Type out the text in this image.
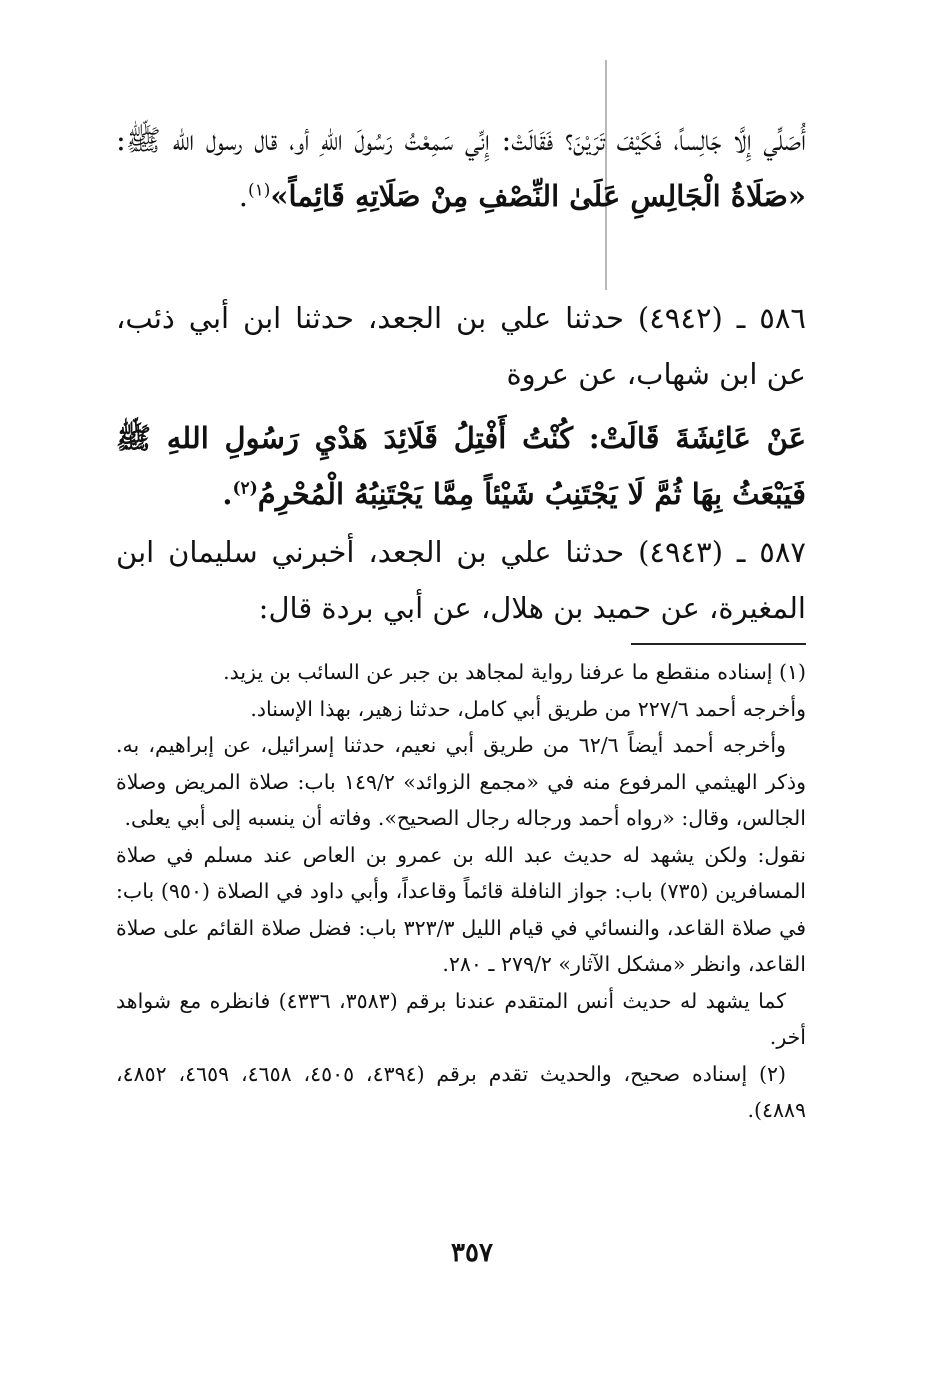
أُصَلِّي إِلَّا جَالِساً، فَكَيْفَ تَرَيْنَ؟ فَقَالَتْ: إِنِّي سَمِعْتُ رَسُولَ اللهِ أو، قال رسول الله ﷺ: «صَلَاةُ الْجَالِسِ عَلَىٰ النِّصْفِ مِنْ صَلَاتِهِ قَائِماً»$^{(١)}$.

٥٨٦ ـ (٤٩٤٢) حدثنا علي بن الجعد، حدثنا ابن أبي ذئب، عن ابن شهاب، عن عروة

عَنْ عَائِشَةَ قَالَتْ: كُنْتُ أَفْتِلُ قَلَائِدَ هَدْيِ رَسُولِ اللهِ ﷺ فَيَبْعَثُ بِهَا ثُمَّ لَا يَجْتَنِبُ شَيْئاً مِمَّا يَجْتَنِبُهُ الْمُحْرِمُ$^{(٢)}$.

٥٨٧ ـ (٤٩٤٣) حدثنا علي بن الجعد، أخبرني سليمان ابن المغيرة، عن حميد بن هلال، عن أبي بردة قال:

(١) إسناده منقطع ما عرفنا رواية لمجاهد بن جبر عن السائب بن يزيد.

وأخرجه أحمد ٢٢٧/٦ من طريق أبي كامل، حدثنا زهير، بهذا الإسناد.

وأخرجه أحمد أيضاً ٦٢/٦ من طريق أبي نعيم، حدثنا إسرائيل، عن إبراهيم، به. وذكر الهيثمي المرفوع منه في «مجمع الزوائد» ١٤٩/٢ باب: صلاة المريض وصلاة الجالس، وقال: «رواه أحمد ورجاله رجال الصحيح». وفاته أن ينسبه إلى أبي يعلى.

نقول: ولكن يشهد له حديث عبد الله بن عمرو بن العاص عند مسلم في صلاة المسافرين (٧٣٥) باب: جواز النافلة قائماً وقاعداً، وأبي داود في الصلاة (٩٥٠) باب: في صلاة القاعد، والنسائي في قيام الليل ٣٢٣/٣ باب: فضل صلاة القائم على صلاة القاعد، وانظر «مشكل الآثار» ٢٧٩/٢ ـ ٢٨٠.

كما يشهد له حديث أنس المتقدم عندنا برقم (٣٥٨٣، ٤٣٣٦) فانظره مع شواهد أخر.

(٢) إسناده صحيح، والحديث تقدم برقم (٤٣٩٤، ٤٥٠٥، ٤٦٥٨، ٤٦٥٩، ٤٨٥٢، ٤٨٨٩).

٣٥٧
